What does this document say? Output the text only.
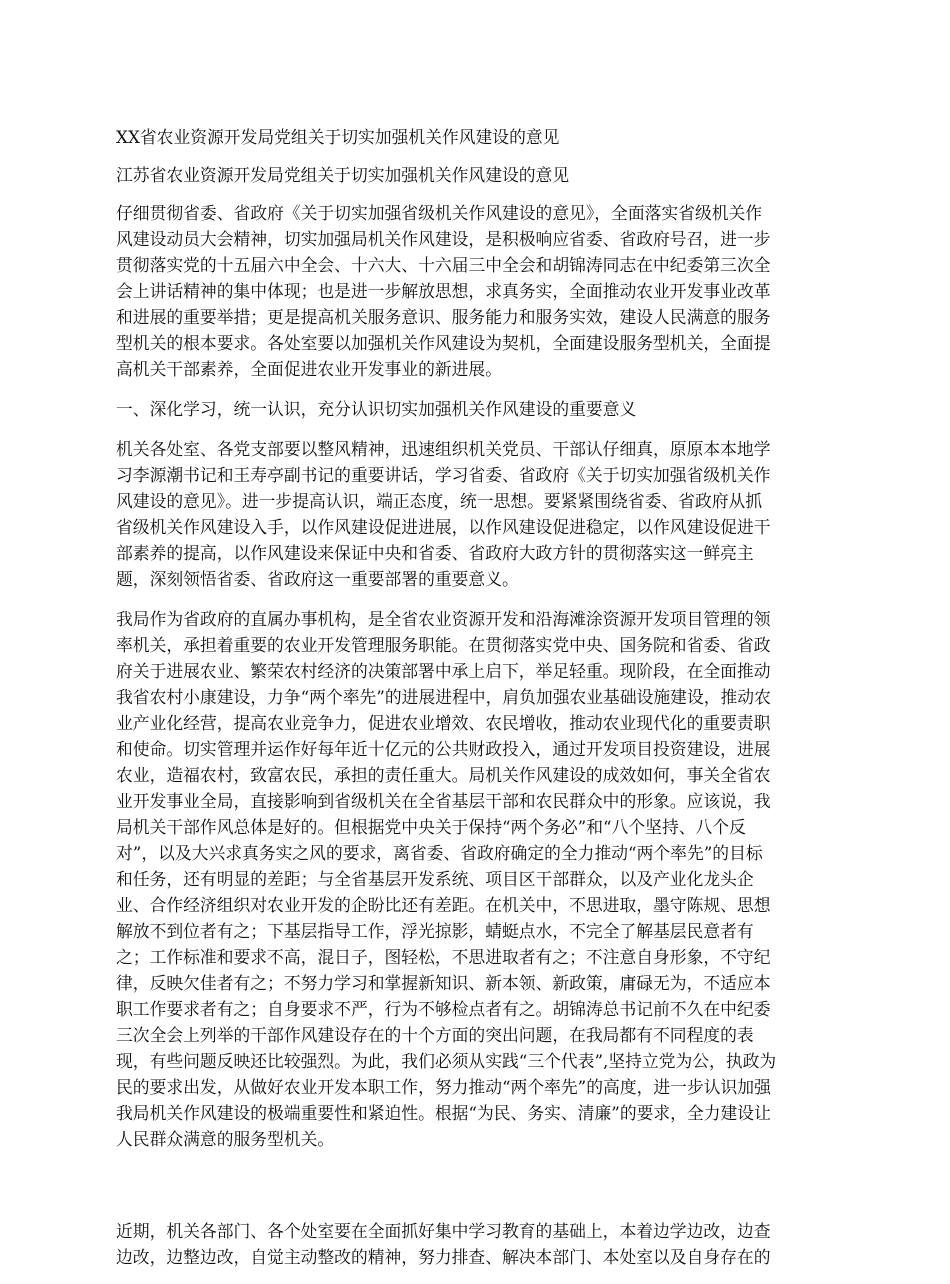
XX省农业资源开发局党组关于切实加强机关作风建设的意见

江苏省农业资源开发局党组关于切实加强机关作风建设的意见

仔细贯彻省委、省政府《关于切实加强省级机关作风建设的意见》，全面落实省级机关作

风建设动员大会精神，切实加强局机关作风建设，是积极响应省委、省政府号召，进一步

贯彻落实党的十五届六中全会、十六大、十六届三中全会和胡锦涛同志在中纪委第三次全

会上讲话精神的集中体现；也是进一步解放思想，求真务实，全面推动农业开发事业改革

和进展的重要举措；更是提高机关服务意识、服务能力和服务实效，建设人民满意的服务

型机关的根本要求。各处室要以加强机关作风建设为契机，全面建设服务型机关，全面提

高机关干部素养，全面促进农业开发事业的新进展。

一、深化学习，统一认识，充分认识切实加强机关作风建设的重要意义

机关各处室、各党支部要以整风精神，迅速组织机关党员、干部认仔细真，原原本本地学

习李源潮书记和王寿亭副书记的重要讲话，学习省委、省政府《关于切实加强省级机关作

风建设的意见》。进一步提高认识，端正态度，统一思想。要紧紧围绕省委、省政府从抓

省级机关作风建设入手，以作风建设促进进展，以作风建设促进稳定，以作风建设促进干

部素养的提高，以作风建设来保证中央和省委、省政府大政方针的贯彻落实这一鲜亮主

题，深刻领悟省委、省政府这一重要部署的重要意义。

我局作为省政府的直属办事机构，是全省农业资源开发和沿海滩涂资源开发项目管理的领

率机关，承担着重要的农业开发管理服务职能。在贯彻落实党中央、国务院和省委、省政

府关于进展农业、繁荣农村经济的决策部署中承上启下，举足轻重。现阶段，在全面推动

我省农村小康建设，力争“两个率先”的进展进程中，肩负加强农业基础设施建设，推动农

业产业化经营，提高农业竞争力，促进农业增效、农民增收，推动农业现代化的重要责职

和使命。切实管理并运作好每年近十亿元的公共财政投入，通过开发项目投资建设，进展

农业，造福农村，致富农民，承担的责任重大。局机关作风建设的成效如何，事关全省农

业开发事业全局，直接影响到省级机关在全省基层干部和农民群众中的形象。应该说，我

局机关干部作风总体是好的。但根据党中央关于保持“两个务必”和“八个坚持、八个反

对”，以及大兴求真务实之风的要求，离省委、省政府确定的全力推动“两个率先”的目标

和任务，还有明显的差距；与全省基层开发系统、项目区干部群众，以及产业化龙头企

业、合作经济组织对农业开发的企盼比还有差距。在机关中，不思进取，墨守陈规、思想

解放不到位者有之；下基层指导工作，浮光掠影，蜻蜓点水，不完全了解基层民意者有

之；工作标准和要求不高，混日子，图轻松，不思进取者有之；不注意自身形象，不守纪

律，反映欠佳者有之；不努力学习和掌握新知识、新本领、新政策，庸碌无为，不适应本

职工作要求者有之；自身要求不严，行为不够检点者有之。胡锦涛总书记前不久在中纪委

三次全会上列举的干部作风建设存在的十个方面的突出问题，在我局都有不同程度的表

现，有些问题反映还比较强烈。为此，我们必须从实践“三个代表”,坚持立党为公，执政为

民的要求出发，从做好农业开发本职工作，努力推动“两个率先”的高度，进一步认识加强

我局机关作风建设的极端重要性和紧迫性。根据“为民、务实、清廉”的要求，全力建设让

人民群众满意的服务型机关。

近期，机关各部门、各个处室要在全面抓好集中学习教育的基础上，本着边学边改，边查

边改，边整边改，自觉主动整改的精神，努力排查、解决本部门、本处室以及自身存在的
